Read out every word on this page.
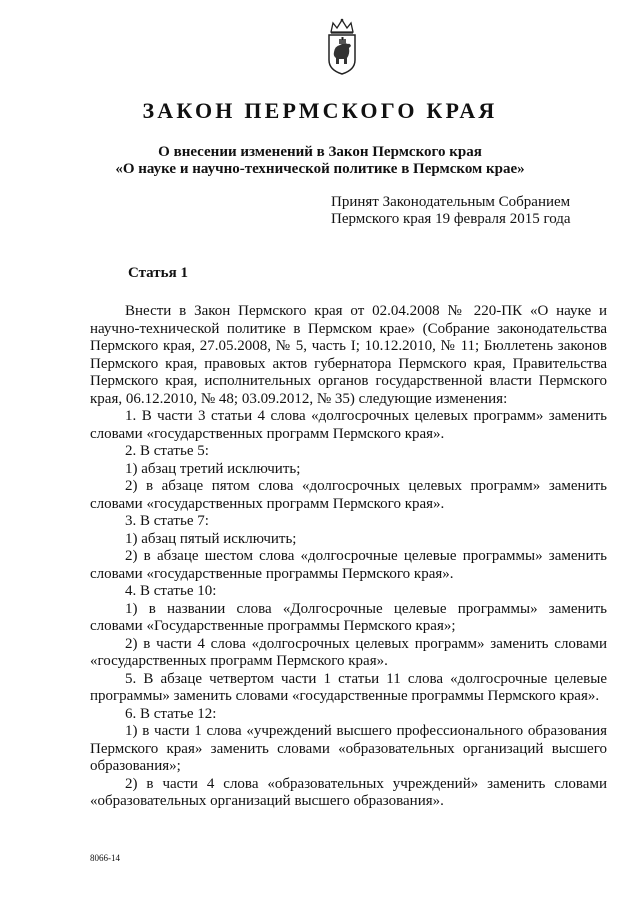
ЗАКОН ПЕРМСКОГО КРАЯ
О внесении изменений в Закон Пермского края
«О науке и научно-технической политике в Пермском крае»
Принят Законодательным Собранием
Пермского края 19 февраля 2015 года
Статья 1

Внести в Закон Пермского края от 02.04.2008 № 220-ПК «О науке и научно-технической политике в Пермском крае» (Собрание законодательства Пермского края, 27.05.2008, № 5, часть I; 10.12.2010, № 11; Бюллетень законов Пермского края, правовых актов губернатора Пермского края, Правительства Пермского края, исполнительных органов государственной власти Пермского края, 06.12.2010, № 48; 03.09.2012, № 35) следующие изменения:

1. В части 3 статьи 4 слова «долгосрочных целевых программ» заменить словами «государственных программ Пермского края».

2. В статье 5:

1) абзац третий исключить;

2) в абзаце пятом слова «долгосрочных целевых программ» заменить словами «государственных программ Пермского края».

3. В статье 7:

1) абзац пятый исключить;

2) в абзаце шестом слова «долгосрочные целевые программы» заменить словами «государственные программы Пермского края».

4. В статье 10:

1) в названии слова «Долгосрочные целевые программы» заменить словами «Государственные программы Пермского края»;

2) в части 4 слова «долгосрочных целевых программ» заменить словами «государственных программ Пермского края».

5. В абзаце четвертом части 1 статьи 11 слова «долгосрочные целевые программы» заменить словами «государственные программы Пермского края».

6. В статье 12:

1) в части 1 слова «учреждений высшего профессионального образования Пермского края» заменить словами «образовательных организаций высшего образования»;

2) в части 4 слова «образовательных учреждений» заменить словами «образовательных организаций высшего образования».

8066-14
